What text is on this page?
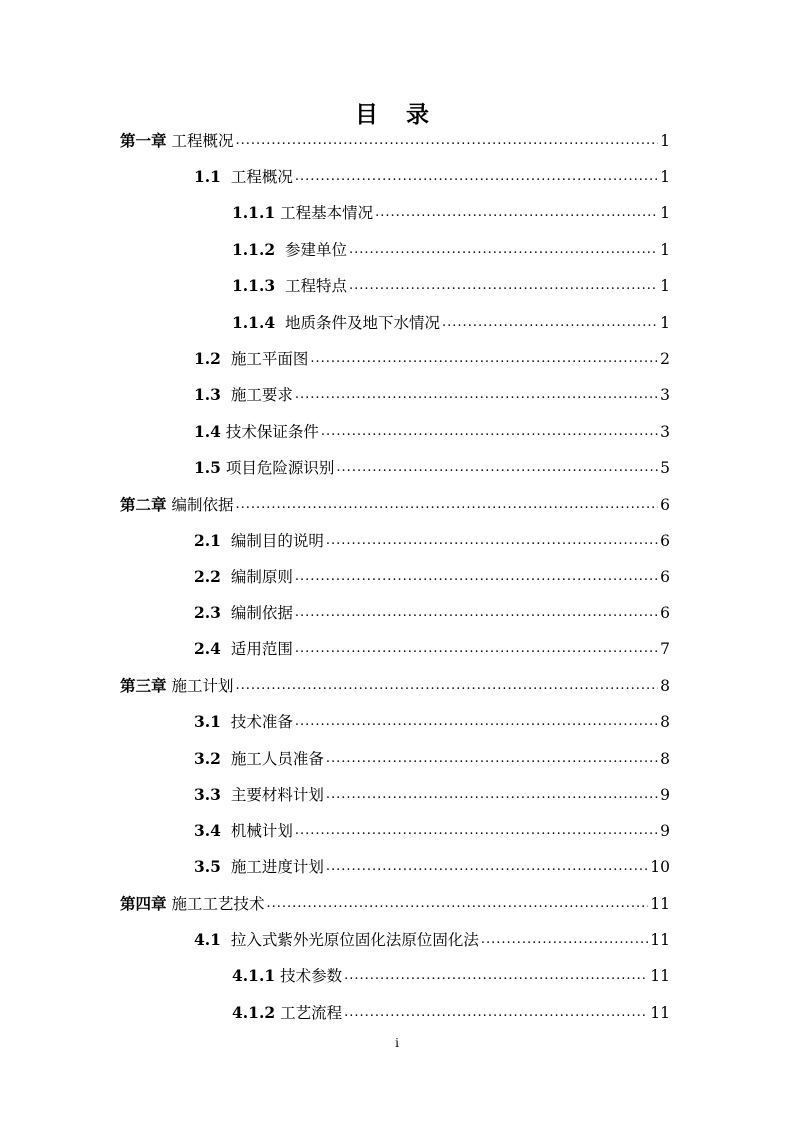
目 录
第一章
工程概况 .....	1
1.1
工程概况 .....	1
1.1.1
工程基本情况 .....	1
1.1.2
参建单位 .....	1
1.1.3
工程特点 .....	1
1.1.4
地质条件及地下水情况 .....	1
1.2
施工平面图 .....	2
1.3
施工要求 .....	3
1.4
技术保证条件 .....	3
1.5
项目危险源识别 .....	5
第二章
编制依据 .....	6
2.1
编制目的说明 .....	6
2.2
编制原则 .....	6
2.3
编制依据 .....	6
2.4
适用范围 .....	7
第三章
施工计划 .....	8
3.1
技术准备 .....	8
3.2
施工人员准备 .....	8
3.3
主要材料计划 .....	9
3.4
机械计划 .....	9
3.5
施工进度计划 .....	10
第四章
施工工艺技术 .....	11
4.1
拉入式紫外光原位固化法原位固化法 .....	11
4.1.1
技术参数 .....	11
4.1.2
工艺流程 .....	11
i
